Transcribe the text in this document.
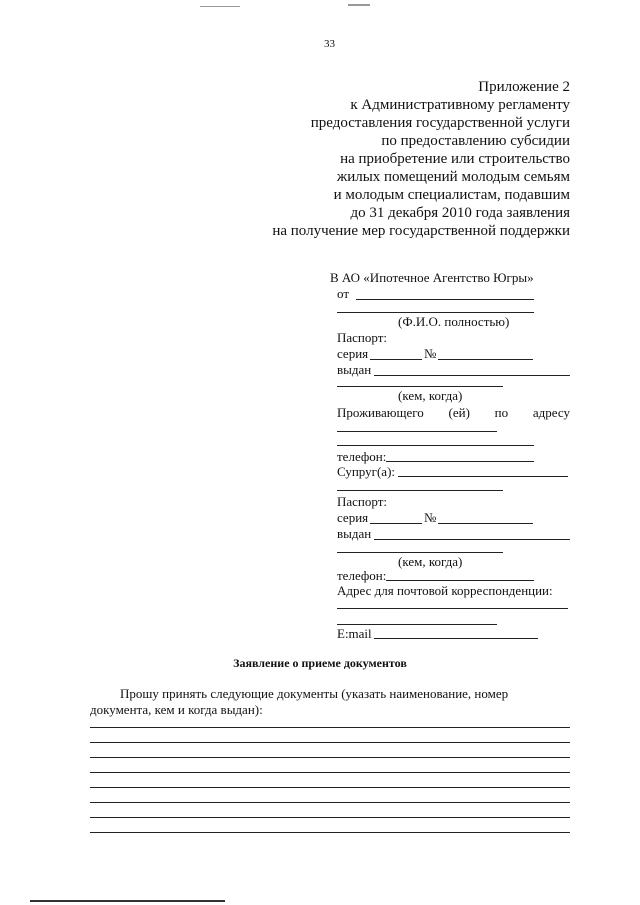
33
Приложение 2
к Административному регламенту
предоставления государственной услуги
по предоставлению субсидии
на приобретение или строительство
жилых помещений молодым семьям
и молодым специалистам, подавшим
до 31 декабря 2010 года заявления
на получение мер государственной поддержки
В АО «Ипотечное Агентство Югры»
от
(Ф.И.О. полностью)
Паспорт:
серия	№
выдан
(кем, когда)
Проживающего (ей) по адресу
телефон:
Супруг(а):
Паспорт:
серия	№
выдан
(кем, когда)
телефон:
Адрес для почтовой корреспонденции:
E:mail
Заявление о приеме документов
Прошу принять следующие документы (указать наименование, номер документа, кем и когда выдан):
